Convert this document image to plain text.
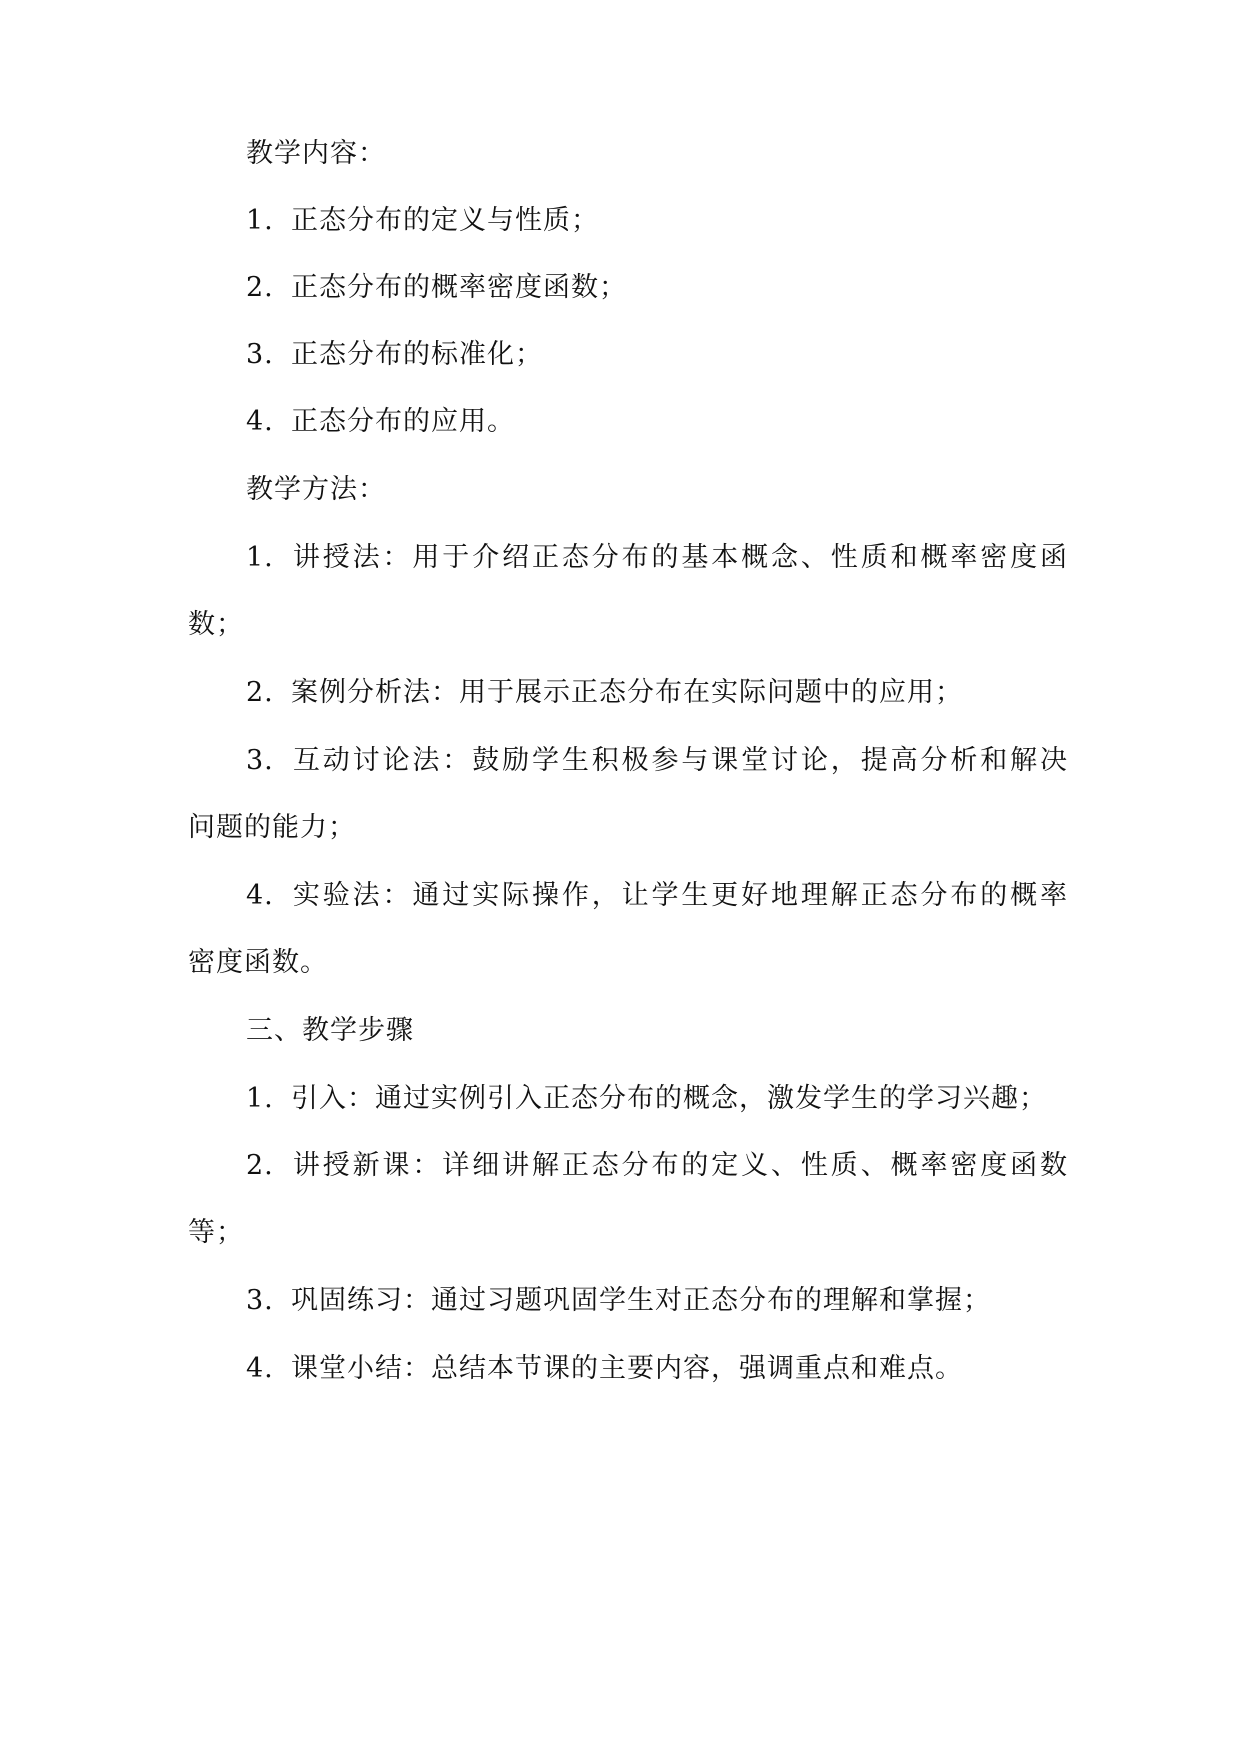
教学内容：
1. 正态分布的定义与性质；
2. 正态分布的概率密度函数；
3. 正态分布的标准化；
4. 正态分布的应用。
教学方法：
1. 讲授法：用于介绍正态分布的基本概念、性质和概率密度函
数；
2. 案例分析法：用于展示正态分布在实际问题中的应用；
3. 互动讨论法：鼓励学生积极参与课堂讨论，提高分析和解决
问题的能力；
4. 实验法：通过实际操作，让学生更好地理解正态分布的概率
密度函数。
三、教学步骤
1. 引入：通过实例引入正态分布的概念，激发学生的学习兴趣；
2. 讲授新课：详细讲解正态分布的定义、性质、概率密度函数
等；
3. 巩固练习：通过习题巩固学生对正态分布的理解和掌握；
4. 课堂小结：总结本节课的主要内容，强调重点和难点。
